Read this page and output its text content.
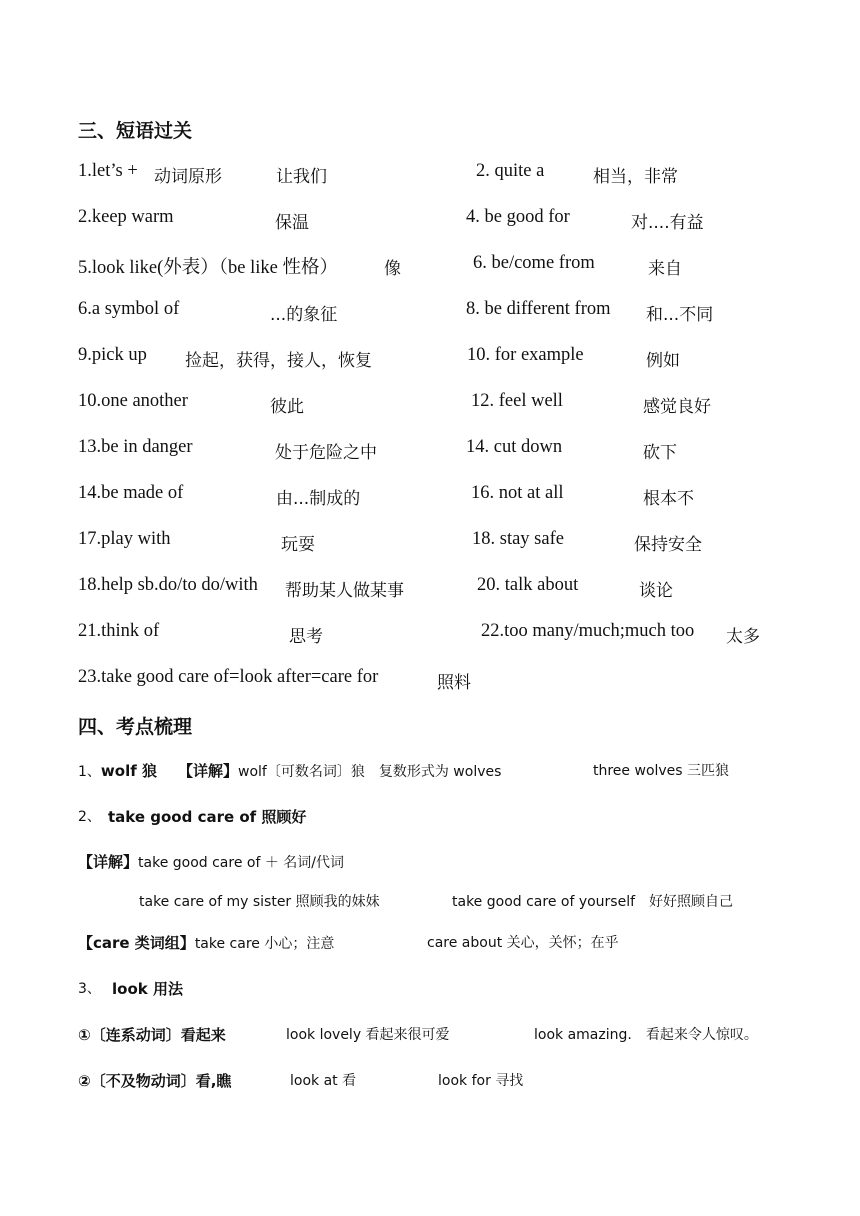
三、短语过关
1.let’s + 动词原形	让我们	2. quite a	相当，非常
2.keep warm	保温	4. be good for	对....有益
5.look like(外表）（be like 性格）	像	6. be/come from	来自
6.a symbol of	...的象征	8. be different from 和...不同
9.pick up 捡起，获得，接人，恢复	10. for example	例如
10.one another	彼此	12. feel well	感觉良好
13.be in danger	处于危险之中	14. cut down	砍下
14.be made of	由...制成的	16. not at all	根本不
17.play with	玩耍	18. stay safe	保持安全
18.help sb.do/to do/with 帮助某人做某事	20. talk about	谈论
21.think of	思考	22.too many/much;much too 太多
23.take good care of=look after=care for	照料
四、考点梳理
1、wolf 狼 【详解】wolf〔可数名词〕狼　复数形式为 wolves	three wolves 三匹狼
2、 take good care of 照顾好
【详解】take good care of ＋ 名词/代词
take care of my sister 照顾我的妹妹	take good care of yourself　好好照顾自己
【care 类词组】take care 小心；注意	care about 关心，关怀；在乎
3、 look 用法
①〔连系动词〕看起来	look lovely 看起来很可爱	look amazing.　看起来令人惊叹。
②〔不及物动词〕看,瞧	look at 看	look for 寻找
